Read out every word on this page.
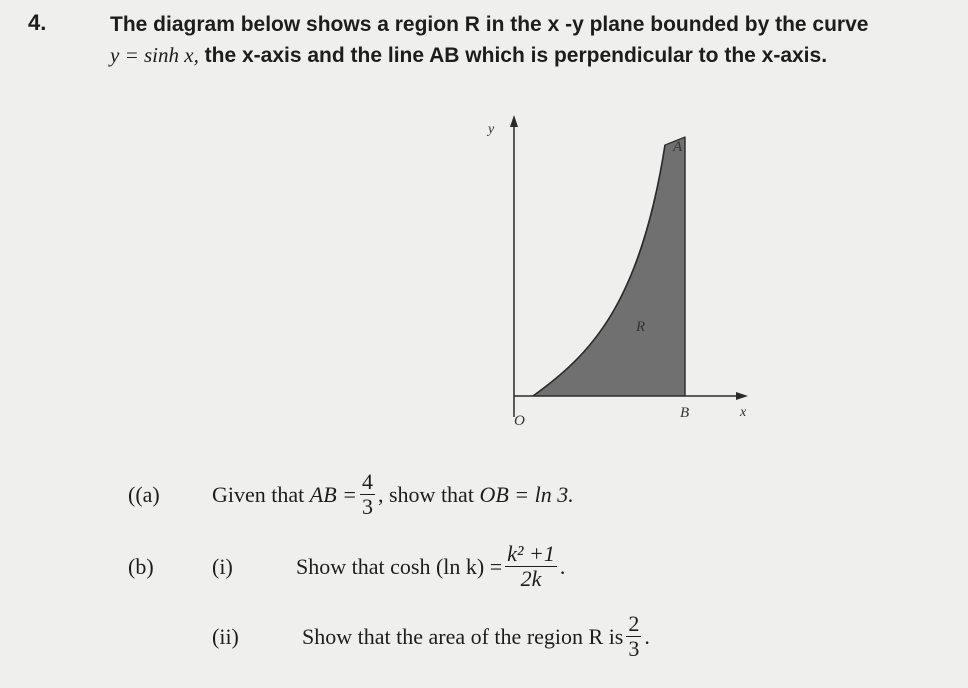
4.	The diagram below shows a region R in the x -y plane bounded by the curve
y = sinh x, the x-axis and the line AB which is perpendicular to the x-axis.
y
x
O
A
B
R
((a)	Given that
AB = $\frac{4}{3}$ , show that
OB = ln 3.
(b)	(i)	Show that cosh (ln $k) = \frac{\text{k² +1}}{2k}$ .
(ii)	Show that the area of the region R is $\frac{2}{3}$ .
